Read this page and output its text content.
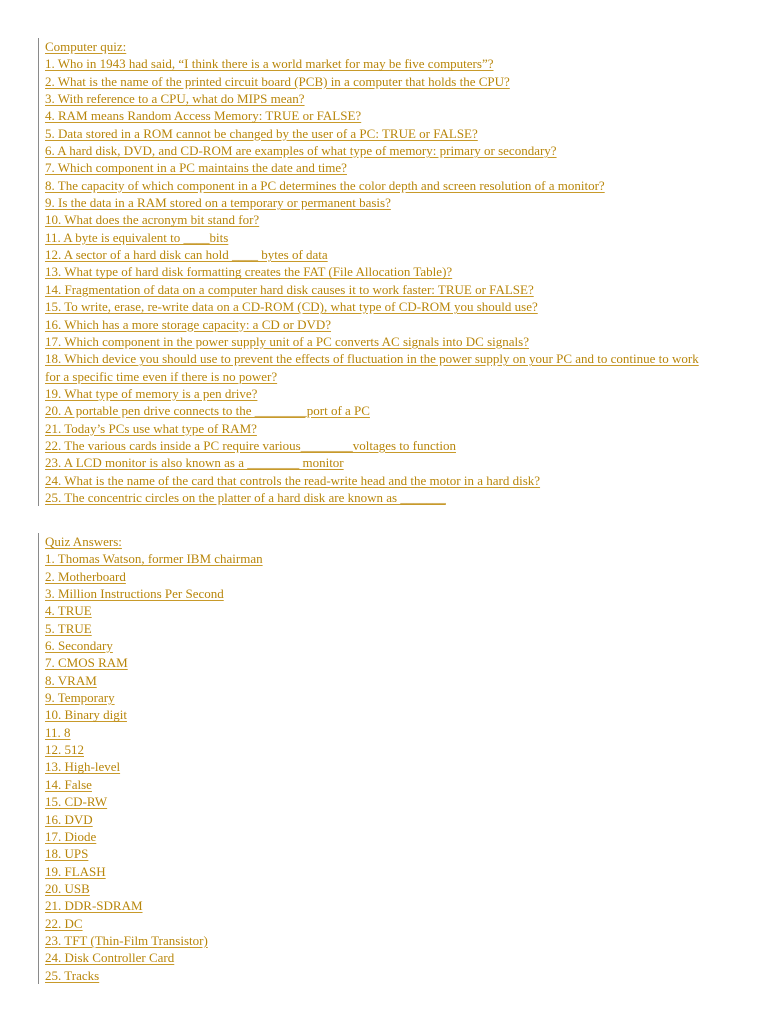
Computer quiz:
1. Who in 1943 had said, “I think there is a world market for may be five computers”?
2. What is the name of the printed circuit board (PCB) in a computer that holds the CPU?
3. With reference to a CPU, what do MIPS mean?
4. RAM means Random Access Memory: TRUE or FALSE?
5. Data stored in a ROM cannot be changed by the user of a PC: TRUE or FALSE?
6. A hard disk, DVD, and CD-ROM are examples of what type of memory: primary or secondary?
7. Which component in a PC maintains the date and time?
8. The capacity of which component in a PC determines the color depth and screen resolution of a monitor?
9. Is the data in a RAM stored on a temporary or permanent basis?
10. What does the acronym bit stand for?
11. A byte is equivalent to ____bits
12. A sector of a hard disk can hold ____ bytes of data
13. What type of hard disk formatting creates the FAT (File Allocation Table)?
14. Fragmentation of data on a computer hard disk causes it to work faster: TRUE or FALSE?
15. To write, erase, re-write data on a CD-ROM (CD), what type of CD-ROM you should use?
16. Which has a more storage capacity: a CD or DVD?
17. Which component in the power supply unit of a PC converts AC signals into DC signals?
18. Which device you should use to prevent the effects of fluctuation in the power supply on your PC and to continue to work for a specific time even if there is no power?
19. What type of memory is a pen drive?
20. A portable pen drive connects to the ________port of a PC
21. Today’s PCs use what type of RAM?
22. The various cards inside a PC require various________voltages to function
23. A LCD monitor is also known as a ________ monitor
24. What is the name of the card that controls the read-write head and the motor in a hard disk?
25. The concentric circles on the platter of a hard disk are known as _______
Quiz Answers:
1. Thomas Watson, former IBM chairman
2. Motherboard
3. Million Instructions Per Second
4. TRUE
5. TRUE
6. Secondary
7. CMOS RAM
8. VRAM
9. Temporary
10. Binary digit
11. 8
12. 512
13. High-level
14. False
15. CD-RW
16. DVD
17. Diode
18. UPS
19. FLASH
20. USB
21. DDR-SDRAM
22. DC
23. TFT (Thin-Film Transistor)
24. Disk Controller Card
25. Tracks
